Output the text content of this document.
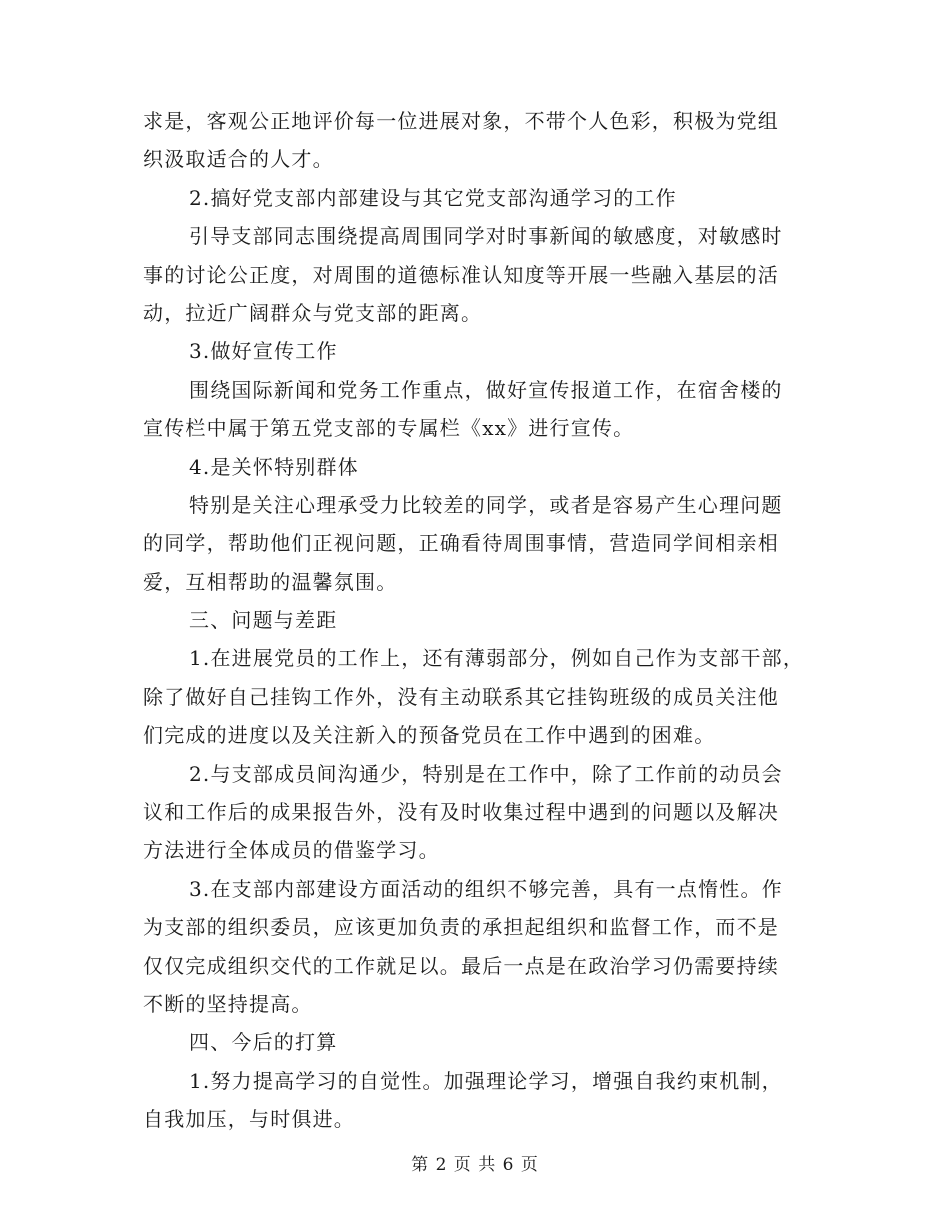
求是，客观公正地评价每一位进展对象，不带个人色彩，积极为党组
织汲取适合的人才。
2.搞好党支部内部建设与其它党支部沟通学习的工作
引导支部同志围绕提高周围同学对时事新闻的敏感度，对敏感时
事的讨论公正度，对周围的道德标准认知度等开展一些融入基层的活
动，拉近广阔群众与党支部的距离。
3.做好宣传工作
围绕国际新闻和党务工作重点，做好宣传报道工作，在宿舍楼的
宣传栏中属于第五党支部的专属栏《xx》进行宣传。
4.是关怀特别群体
特别是关注心理承受力比较差的同学，或者是容易产生心理问题
的同学，帮助他们正视问题，正确看待周围事情，营造同学间相亲相
爱，互相帮助的温馨氛围。
三、问题与差距
1.在进展党员的工作上，还有薄弱部分，例如自己作为支部干部，
除了做好自己挂钩工作外，没有主动联系其它挂钩班级的成员关注他
们完成的进度以及关注新入的预备党员在工作中遇到的困难。
2.与支部成员间沟通少，特别是在工作中，除了工作前的动员会
议和工作后的成果报告外，没有及时收集过程中遇到的问题以及解决
方法进行全体成员的借鉴学习。
3.在支部内部建设方面活动的组织不够完善，具有一点惰性。作
为支部的组织委员，应该更加负责的承担起组织和监督工作，而不是
仅仅完成组织交代的工作就足以。最后一点是在政治学习仍需要持续
不断的坚持提高。
四、今后的打算
1.努力提高学习的自觉性。加强理论学习，增强自我约束机制，
自我加压，与时俱进。
第 2 页 共 6 页
